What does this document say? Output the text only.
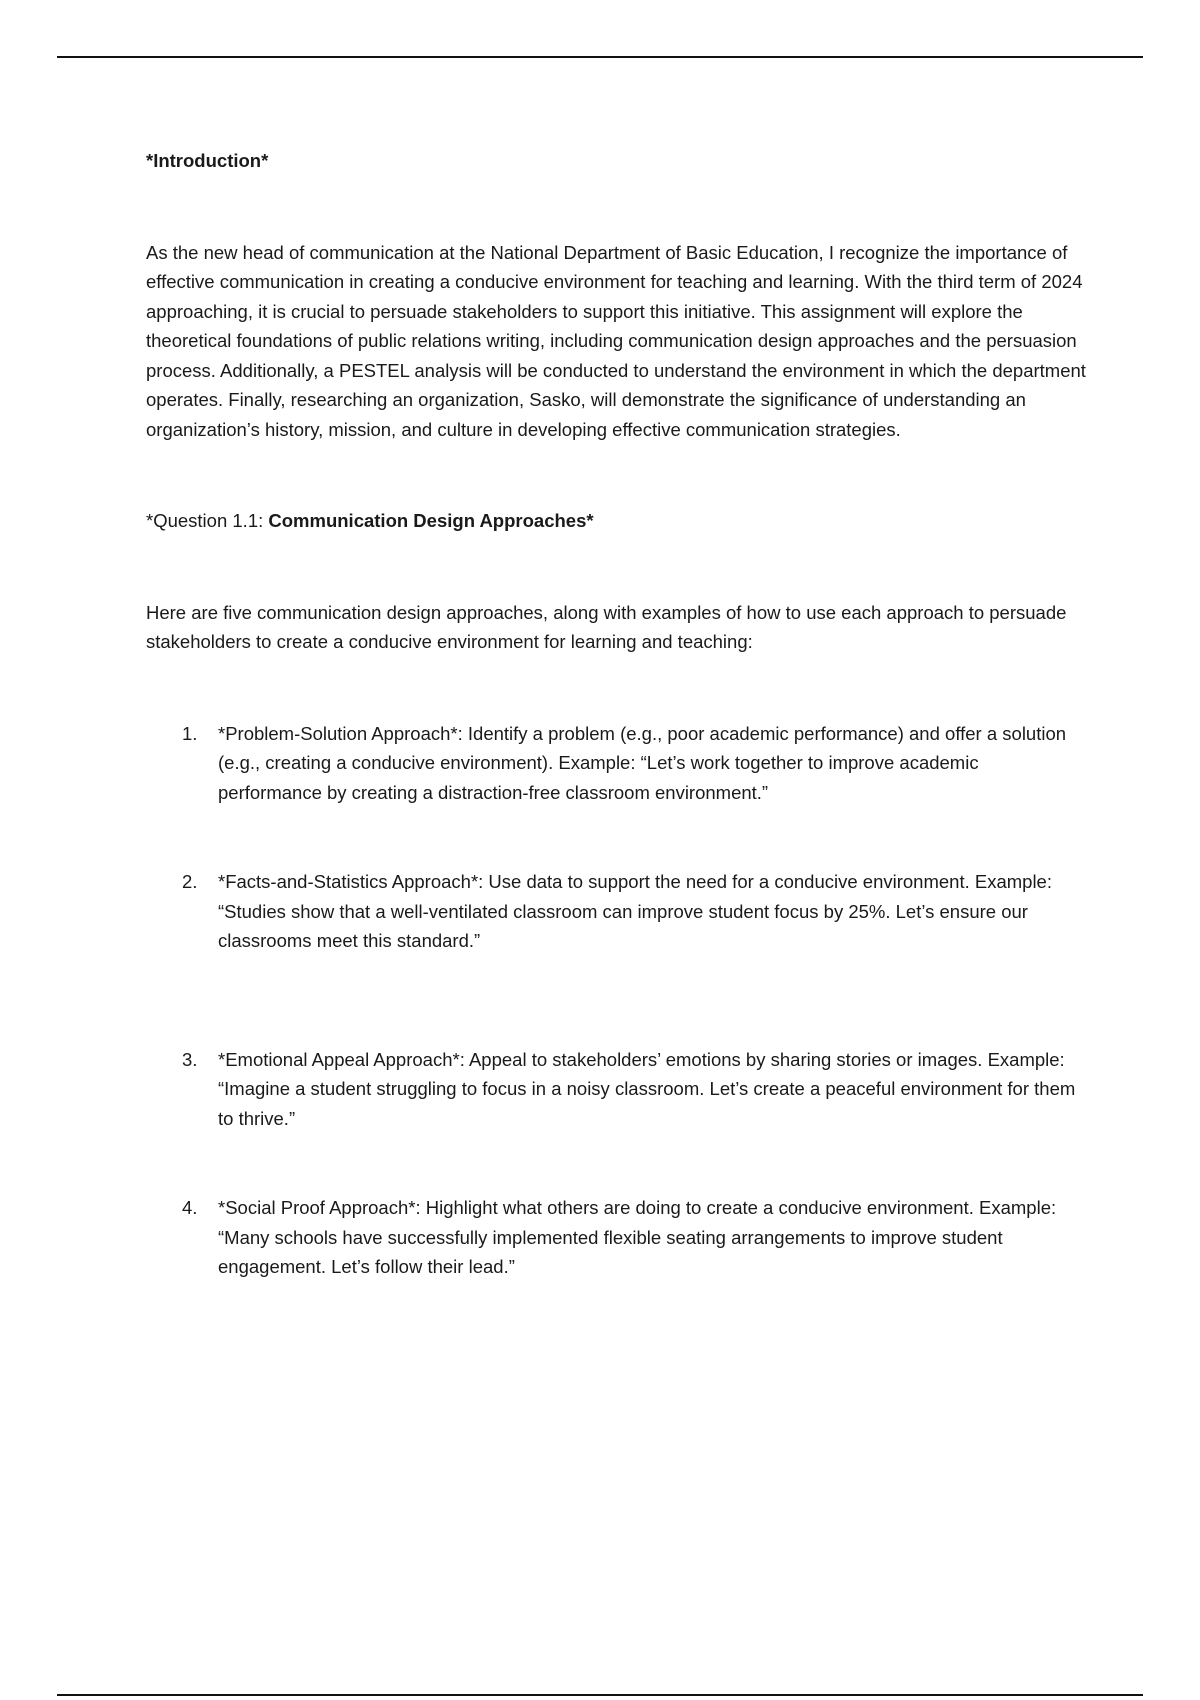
*Introduction*

As the new head of communication at the National Department of Basic Education, I recognize the importance of effective communication in creating a conducive environment for teaching and learning. With the third term of 2024 approaching, it is crucial to persuade stakeholders to support this initiative. This assignment will explore the theoretical foundations of public relations writing, including communication design approaches and the persuasion process. Additionally, a PESTEL analysis will be conducted to understand the environment in which the department operates. Finally, researching an organization, Sasko, will demonstrate the significance of understanding an organization’s history, mission, and culture in developing effective communication strategies.

*Question 1.1: Communication Design Approaches*

Here are five communication design approaches, along with examples of how to use each approach to persuade stakeholders to create a conducive environment for learning and teaching:

1. *Problem-Solution Approach*: Identify a problem (e.g., poor academic performance) and offer a solution (e.g., creating a conducive environment). Example: “Let’s work together to improve academic performance by creating a distraction-free classroom environment.”
2. *Facts-and-Statistics Approach*: Use data to support the need for a conducive environment. Example: “Studies show that a well-ventilated classroom can improve student focus by 25%. Let’s ensure our classrooms meet this standard.”
3. *Emotional Appeal Approach*: Appeal to stakeholders’ emotions by sharing stories or images. Example: “Imagine a student struggling to focus in a noisy classroom. Let’s create a peaceful environment for them to thrive.”
4. *Social Proof Approach*: Highlight what others are doing to create a conducive environment. Example: “Many schools have successfully implemented flexible seating arrangements to improve student engagement. Let’s follow their lead.”
